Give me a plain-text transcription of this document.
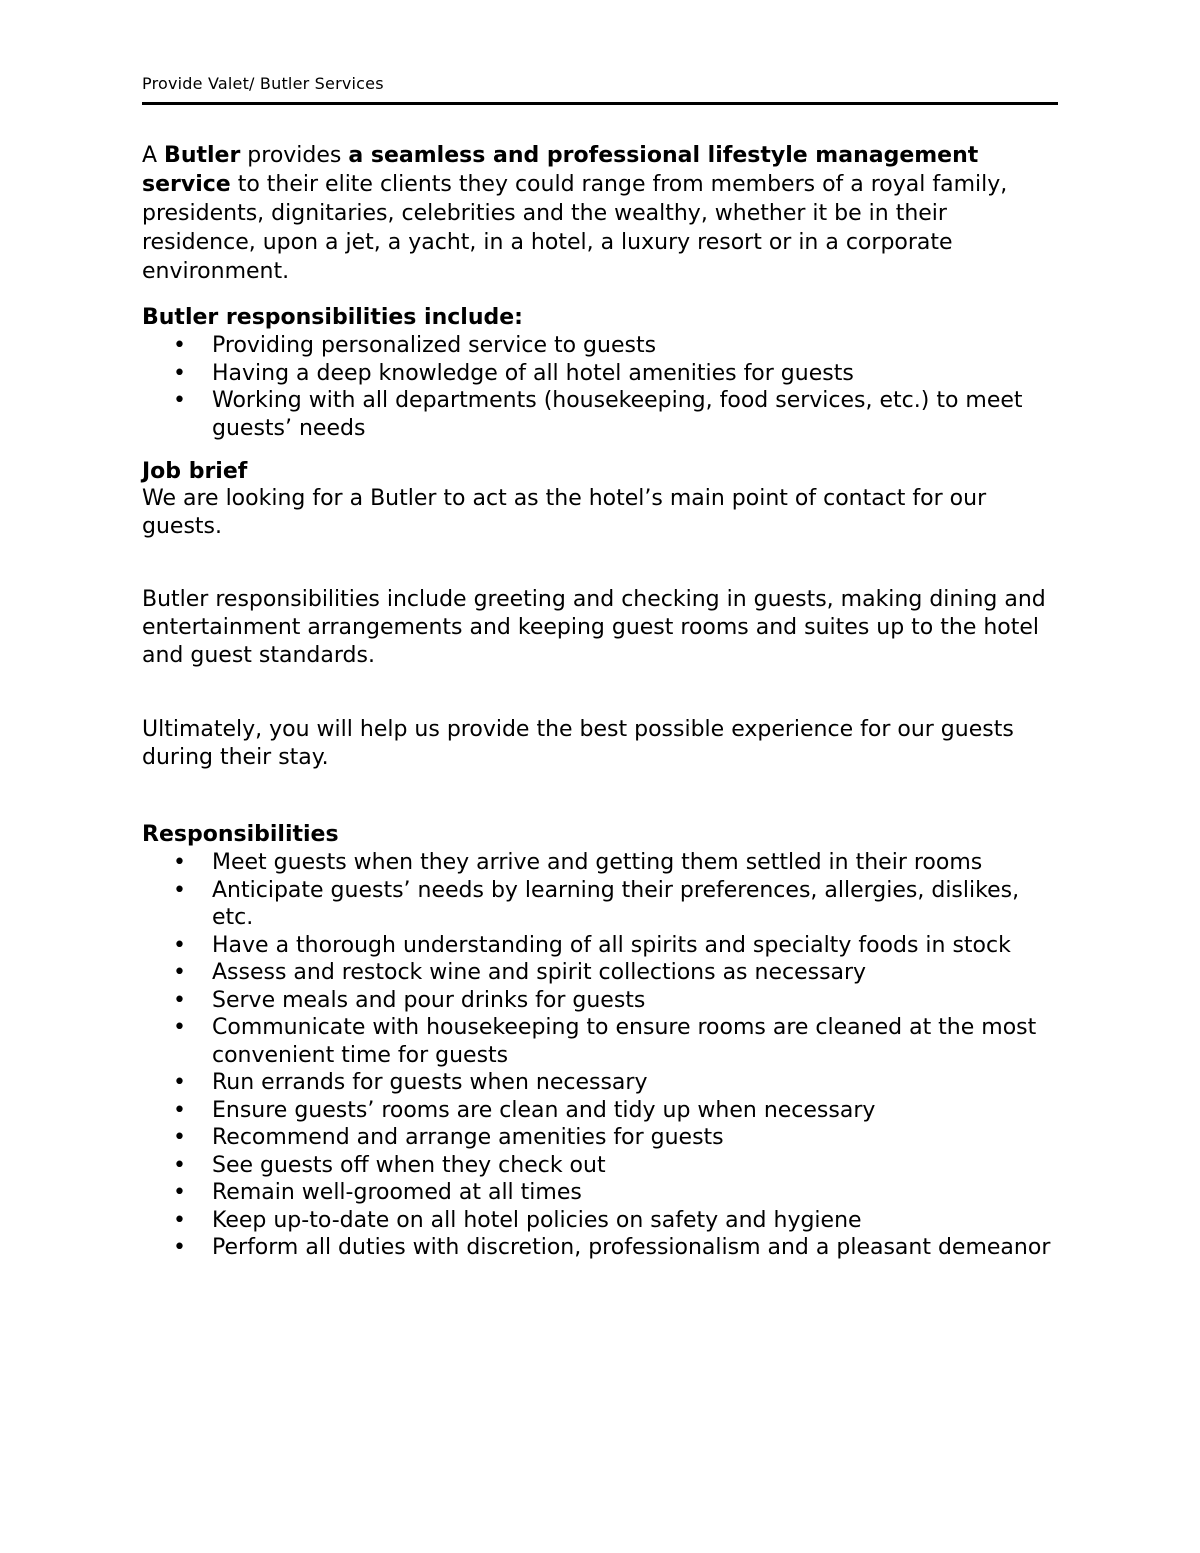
Provide Valet/ Butler Services

A Butler provides a seamless and professional lifestyle management service to their elite clients they could range from members of a royal family, presidents, dignitaries, celebrities and the wealthy, whether it be in their residence, upon a jet, a yacht, in a hotel, a luxury resort or in a corporate environment.

Butler responsibilities include:

• Providing personalized service to guests
• Having a deep knowledge of all hotel amenities for guests
• Working with all departments (housekeeping, food services, etc.) to meet guests’ needs

Job brief

We are looking for a Butler to act as the hotel’s main point of contact for our guests.

Butler responsibilities include greeting and checking in guests, making dining and entertainment arrangements and keeping guest rooms and suites up to the hotel and guest standards.

Ultimately, you will help us provide the best possible experience for our guests during their stay.

Responsibilities

• Meet guests when they arrive and getting them settled in their rooms
• Anticipate guests’ needs by learning their preferences, allergies, dislikes, etc.
• Have a thorough understanding of all spirits and specialty foods in stock
• Assess and restock wine and spirit collections as necessary
• Serve meals and pour drinks for guests
• Communicate with housekeeping to ensure rooms are cleaned at the most convenient time for guests
• Run errands for guests when necessary
• Ensure guests’ rooms are clean and tidy up when necessary
• Recommend and arrange amenities for guests
• See guests off when they check out
• Remain well-groomed at all times
• Keep up-to-date on all hotel policies on safety and hygiene
• Perform all duties with discretion, professionalism and a pleasant demeanor
